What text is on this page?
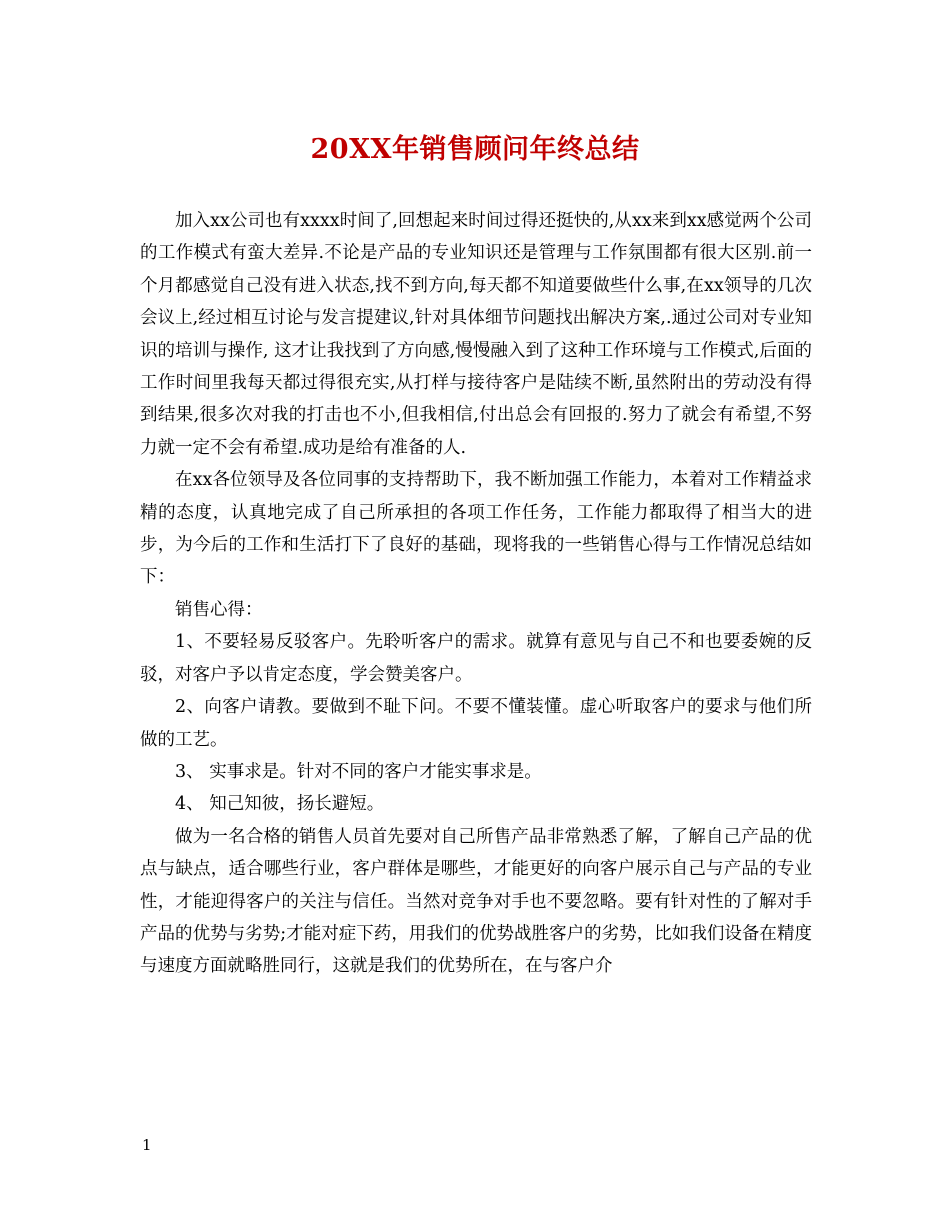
20XX年销售顾问年终总结

加入xx公司也有xxxx时间了,回想起来时间过得还挺快的,从xx来到xx感觉两个公司的工作模式有蛮大差异.不论是产品的专业知识还是管理与工作氛围都有很大区别.前一个月都感觉自己没有进入状态,找不到方向,每天都不知道要做些什么事,在xx领导的几次会议上,经过相互讨论与发言提建议,针对具体细节问题找出解决方案,.通过公司对专业知识的培训与操作, 这才让我找到了方向感,慢慢融入到了这种工作环境与工作模式,后面的工作时间里我每天都过得很充实,从打样与接待客户是陆续不断,虽然附出的劳动没有得到结果,很多次对我的打击也不小,但我相信,付出总会有回报的.努力了就会有希望,不努力就一定不会有希望.成功是给有准备的人.

在xx各位领导及各位同事的支持帮助下，我不断加强工作能力，本着对工作精益求精的态度，认真地完成了自己所承担的各项工作任务，工作能力都取得了相当大的进步，为今后的工作和生活打下了良好的基础，现将我的一些销售心得与工作情况总结如下：

销售心得：

1、不要轻易反驳客户。先聆听客户的需求。就算有意见与自己不和也要委婉的反驳，对客户予以肯定态度，学会赞美客户。

2、向客户请教。要做到不耻下问。不要不懂装懂。虚心听取客户的要求与他们所做的工艺。

3、 实事求是。针对不同的客户才能实事求是。

4、 知己知彼，扬长避短。

做为一名合格的销售人员首先要对自己所售产品非常熟悉了解，了解自己产品的优点与缺点，适合哪些行业，客户群体是哪些，才能更好的向客户展示自己与产品的专业性，才能迎得客户的关注与信任。当然对竞争对手也不要忽略。要有针对性的了解对手产品的优势与劣势;才能对症下药，用我们的优势战胜客户的劣势，比如我们设备在精度与速度方面就略胜同行，这就是我们的优势所在，在与客户介

1
